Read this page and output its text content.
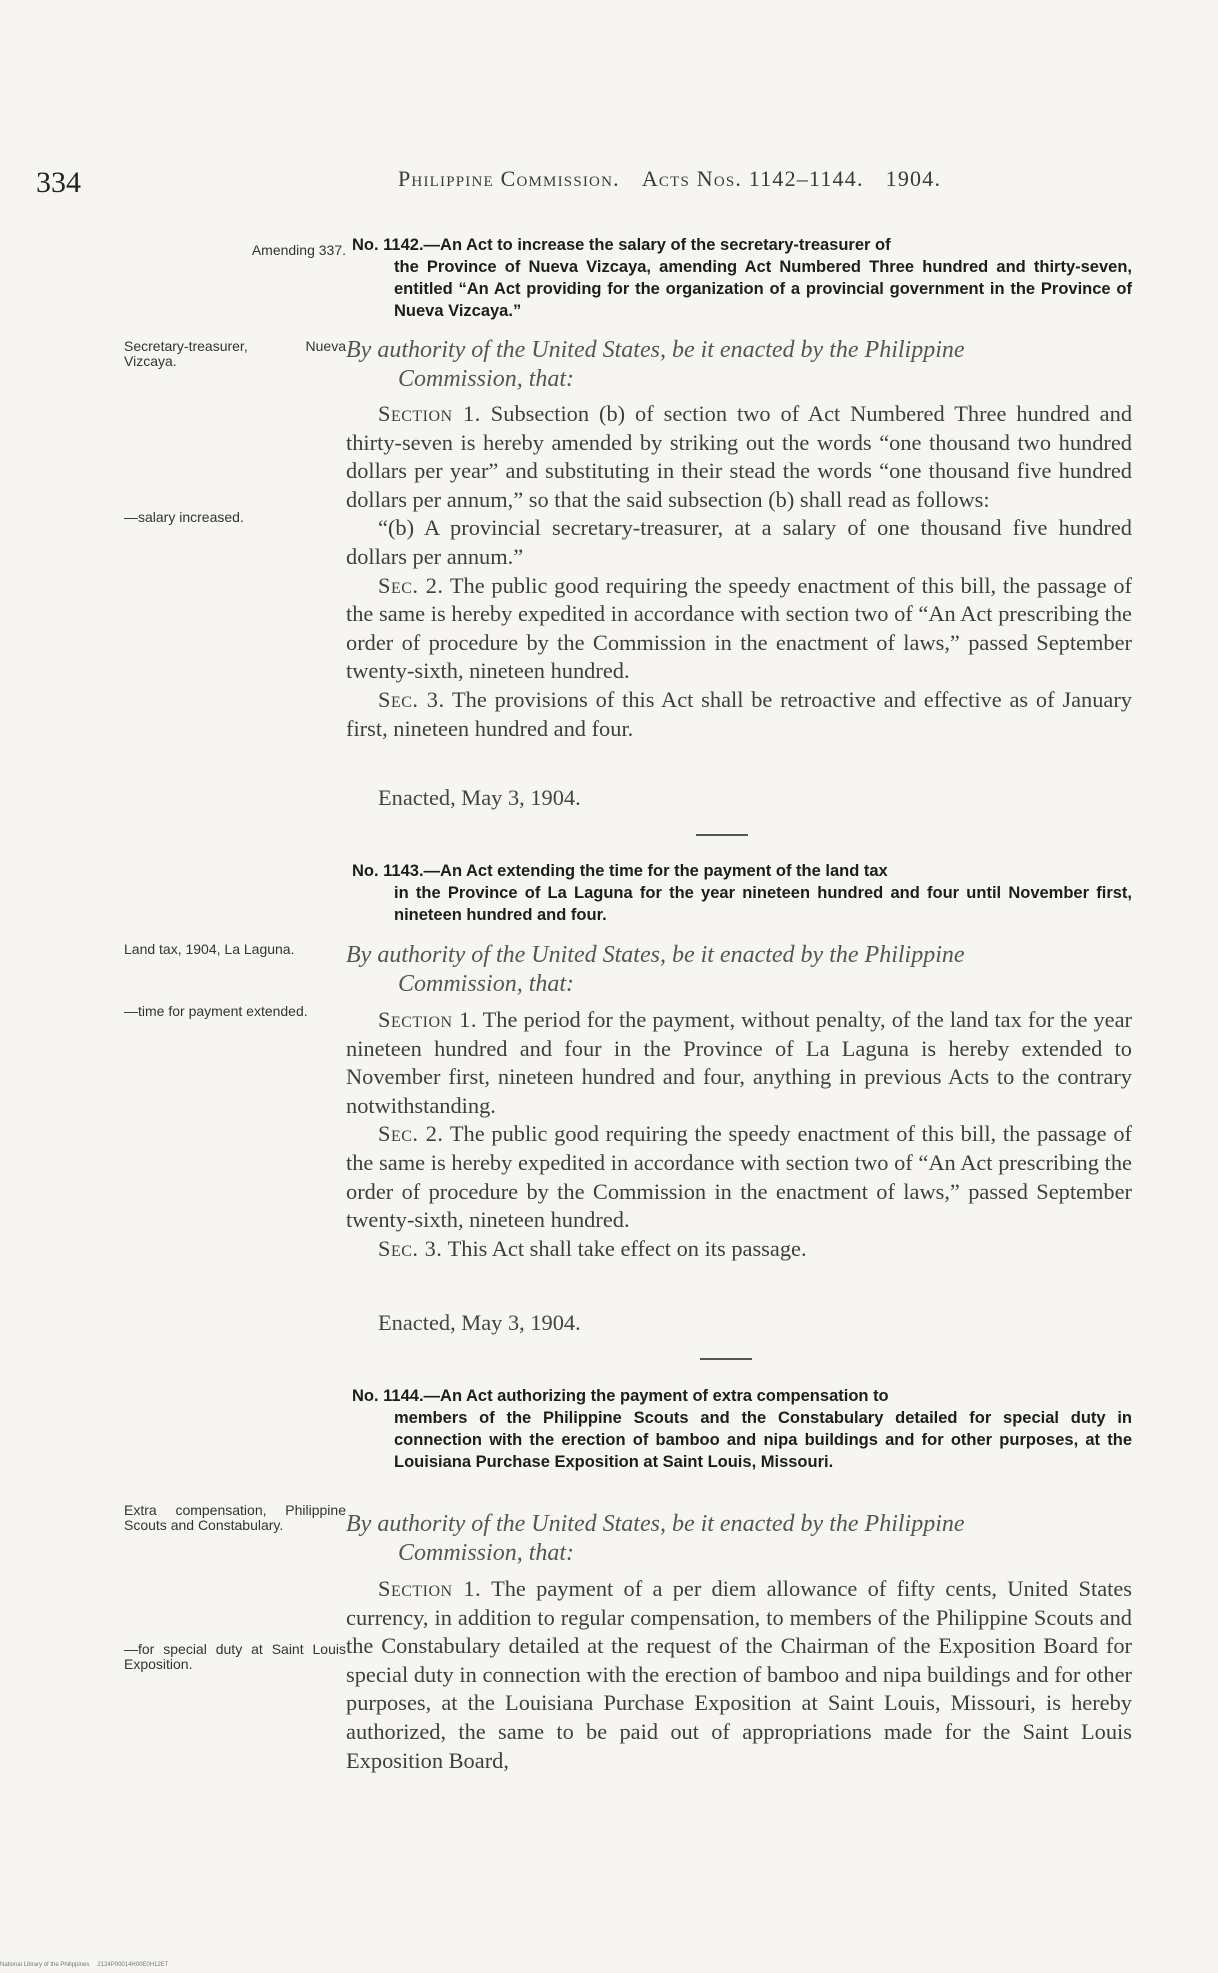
334	Philippine Commission. Acts Nos. 1142–1144. 1904.
Amending 337. No. 1142.—An Act to increase the salary of the secretary-treasurer of
the Province of Nueva Vizcaya, amending Act Numbered Three hundred and thirty-seven, entitled “An Act providing for the organization of a provincial government in the Province of Nueva Vizcaya.”
Secretary-treasurer, Nueva Vizcaya.	By authority of the United States, be it enacted by the Philippine
Commission, that:
—salary increased.

Section 1. Subsection (b) of section two of Act Numbered Three hundred and thirty-seven is hereby amended by striking out the words “one thousand two hundred dollars per year” and substituting in their stead the words “one thousand five hundred dollars per annum,” so that the said subsection (b) shall read as follows:

“(b) A provincial secretary-treasurer, at a salary of one thousand five hundred dollars per annum.”

Sec. 2. The public good requiring the speedy enactment of this bill, the passage of the same is hereby expedited in accordance with section two of “An Act prescribing the order of procedure by the Commission in the enactment of laws,” passed September twenty-sixth, nineteen hundred.

Sec. 3. The provisions of this Act shall be retroactive and effective as of January first, nineteen hundred and four.

Enacted, May 3, 1904.
No. 1143.—An Act extending the time for the payment of the land tax
in the Province of La Laguna for the year nineteen hundred and four until November first, nineteen hundred and four.
Land tax, 1904, La Laguna.	By authority of the United States, be it enacted by the Philippine
Commission, that:
—time for payment extended.	Section 1. The period for the payment, without penalty, of the land tax for the year nineteen hundred and four in the Province of La Laguna is hereby extended to November first, nineteen hundred and four, anything in previous Acts to the contrary notwithstanding.

Sec. 2. The public good requiring the speedy enactment of this bill, the passage of the same is hereby expedited in accordance with section two of “An Act prescribing the order of procedure by the Commission in the enactment of laws,” passed September twenty-sixth, nineteen hundred.

Sec. 3. This Act shall take effect on its passage.

Enacted, May 3, 1904.
No. 1144.—An Act authorizing the payment of extra compensation to
members of the Philippine Scouts and the Constabulary detailed for special duty in connection with the erection of bamboo and nipa buildings and for other purposes, at the Louisiana Purchase Exposition at Saint Louis, Missouri.
Extra compensation, Philippine Scouts and Constabulary.	By authority of the United States, be it enacted by the Philippine
Commission, that:
—for special duty at Saint Louis Exposition.

Section 1. The payment of a per diem allowance of fifty cents, United States currency, in addition to regular compensation, to members of the Philippine Scouts and the Constabulary detailed at the request of the Chairman of the Exposition Board for special duty in connection with the erection of bamboo and nipa buildings and for other purposes, at the Louisiana Purchase Exposition at Saint Louis, Missouri, is hereby authorized, the same to be paid out of appropriations made for the Saint Louis Exposition Board,

National Library of the Philippines 2124P00014H00E0H12ET
